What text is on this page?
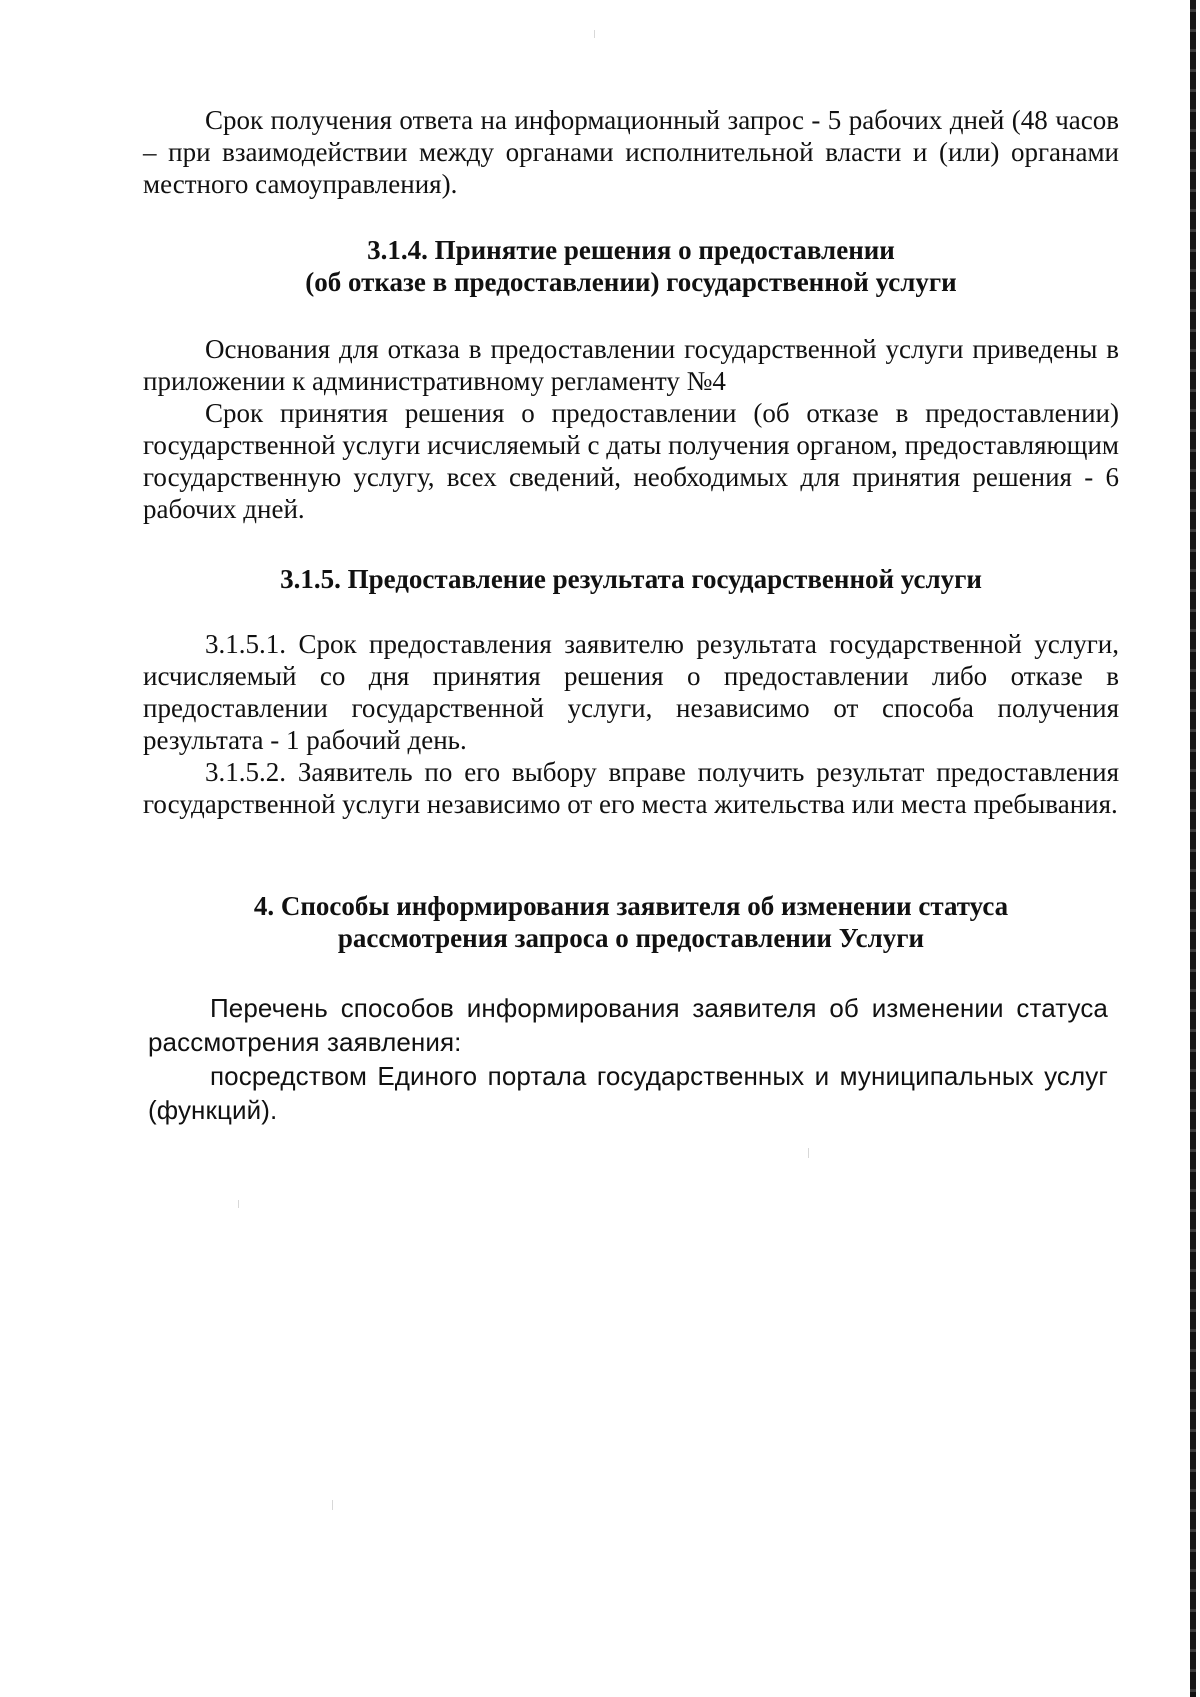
Срок получения ответа на информационный запрос - 5 рабочих дней (48 часов – при взаимодействии между органами исполнительной власти и (или) органами местного самоуправления).

3.1.4. Принятие решения о предоставлении
(об отказе в предоставлении) государственной услуги

Основания для отказа в предоставлении государственной услуги приведены в приложении к административному регламенту №4

Срок принятия решения о предоставлении (об отказе в предоставлении) государственной услуги исчисляемый с даты получения органом, предоставляющим государственную услугу, всех сведений, необходимых для принятия решения - 6 рабочих дней.

3.1.5. Предоставление результата государственной услуги

3.1.5.1. Срок предоставления заявителю результата государственной услуги, исчисляемый со дня принятия решения о предоставлении либо отказе в предоставлении государственной услуги, независимо от способа получения результата - 1 рабочий день.

3.1.5.2. Заявитель по его выбору вправе получить результат предоставления государственной услуги независимо от его места жительства или места пребывания.

4. Способы информирования заявителя об изменении статуса
рассмотрения запроса о предоставлении Услуги

Перечень способов информирования заявителя об изменении статуса рассмотрения заявления:

посредством Единого портала государственных и муниципальных услуг (функций).
